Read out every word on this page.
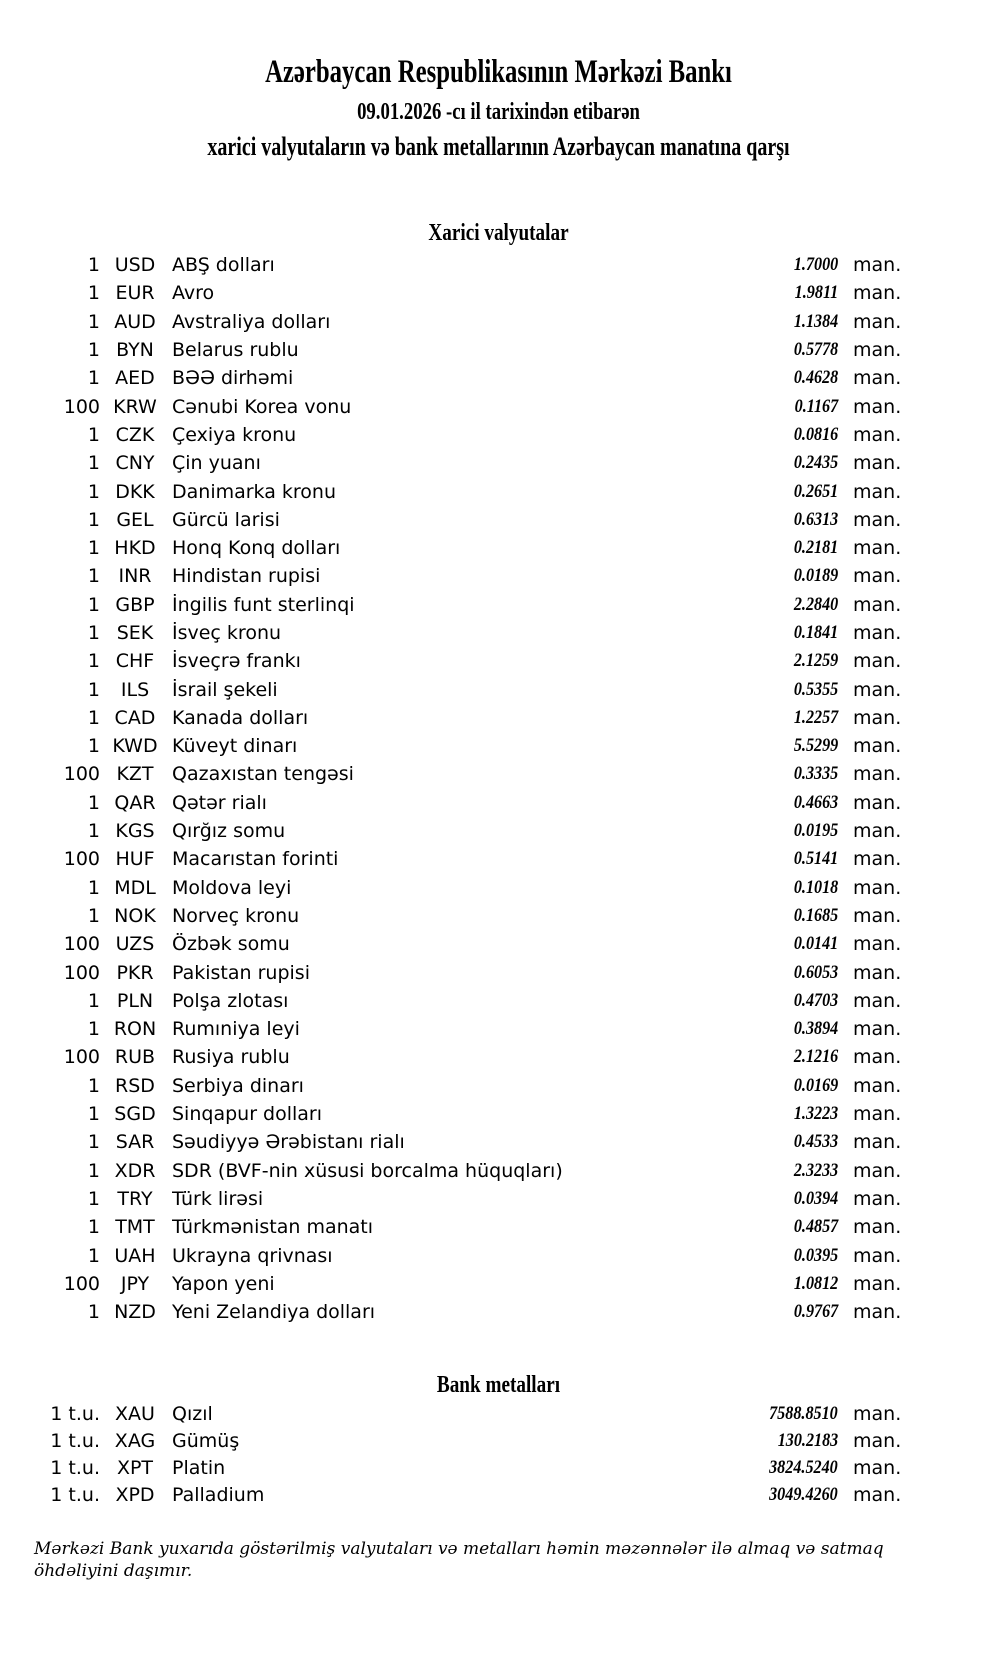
Azərbaycan Respublikasının Mərkəzi Bankı
09.01.2026 -cı il tarixindən etibarən
xarici valyutaların və bank metallarının Azərbaycan manatına qarşı
Xarici valyutalar
1 USD ABŞ dolları	1.7000 man.
1 EUR Avro	1.9811 man.
1 AUD Avstraliya dolları	1.1384 man.
1 BYN Belarus rublu	0.5778 man.
1 AED BƏƏ dirhəmi	0.4628 man.
100 KRW Cənubi Korea vonu	0.1167 man.
1 CZK Çexiya kronu	0.0816 man.
1 CNY Çin yuanı	0.2435 man.
1 DKK Danimarka kronu	0.2651 man.
1 GEL Gürcü larisi	0.6313 man.
1 HKD Honq Konq dolları	0.2181 man.
1 INR	Hindistan rupisi	0.0189 man.
1 GBP İngilis funt sterlinqi	2.2840 man.
1 SEK İsveç kronu	0.1841 man.
1 CHF İsveçrə frankı	2.1259 man.
1	ILS	İsrail şekeli	0.5355 man.
1 CAD Kanada dolları	1.2257 man.
1 KWD Küveyt dinarı	5.5299 man.
100 KZT Qazaxıstan tengəsi	0.3335 man.
1 QAR Qətər rialı	0.4663 man.
1 KGS Qırğız somu	0.0195 man.
100 HUF Macarıstan forinti	0.5141 man.
1 MDL Moldova leyi	0.1018 man.
1 NOK Norveç kronu	0.1685 man.
100 UZS Özbək somu	0.0141 man.
100 PKR Pakistan rupisi	0.6053 man.
1 PLN Polşa zlotası	0.4703 man.
1 RON Rumıniya leyi	0.3894 man.
100 RUB Rusiya rublu	2.1216 man.
1 RSD Serbiya dinarı	0.0169 man.
1 SGD Sinqapur dolları	1.3223 man.
1 SAR Səudiyyə Ərəbistanı rialı	0.4533 man.
1 XDR SDR (BVF-nin xüsusi borcalma hüquqları)	2.3233 man.
1 TRY	Türk lirəsi	0.0394 man.
1 TMT Türkmənistan manatı	0.4857 man.
1 UAH Ukrayna qrivnası	0.0395 man.
100	JPY	Yapon yeni	1.0812 man.
1 NZD Yeni Zelandiya dolları	0.9767 man.
Bank metalları
1 t.u. XAU Qızıl	7588.8510 man.
1 t.u. XAG Gümüş	130.2183 man.
1 t.u. XPT Platin	3824.5240 man.
1 t.u. XPD Palladium	3049.4260 man.
Mərkəzi Bank yuxarıda göstərilmiş valyutaları və metalları həmin məzənnələr ilə almaq və satmaq öhdəliyini daşımır.
